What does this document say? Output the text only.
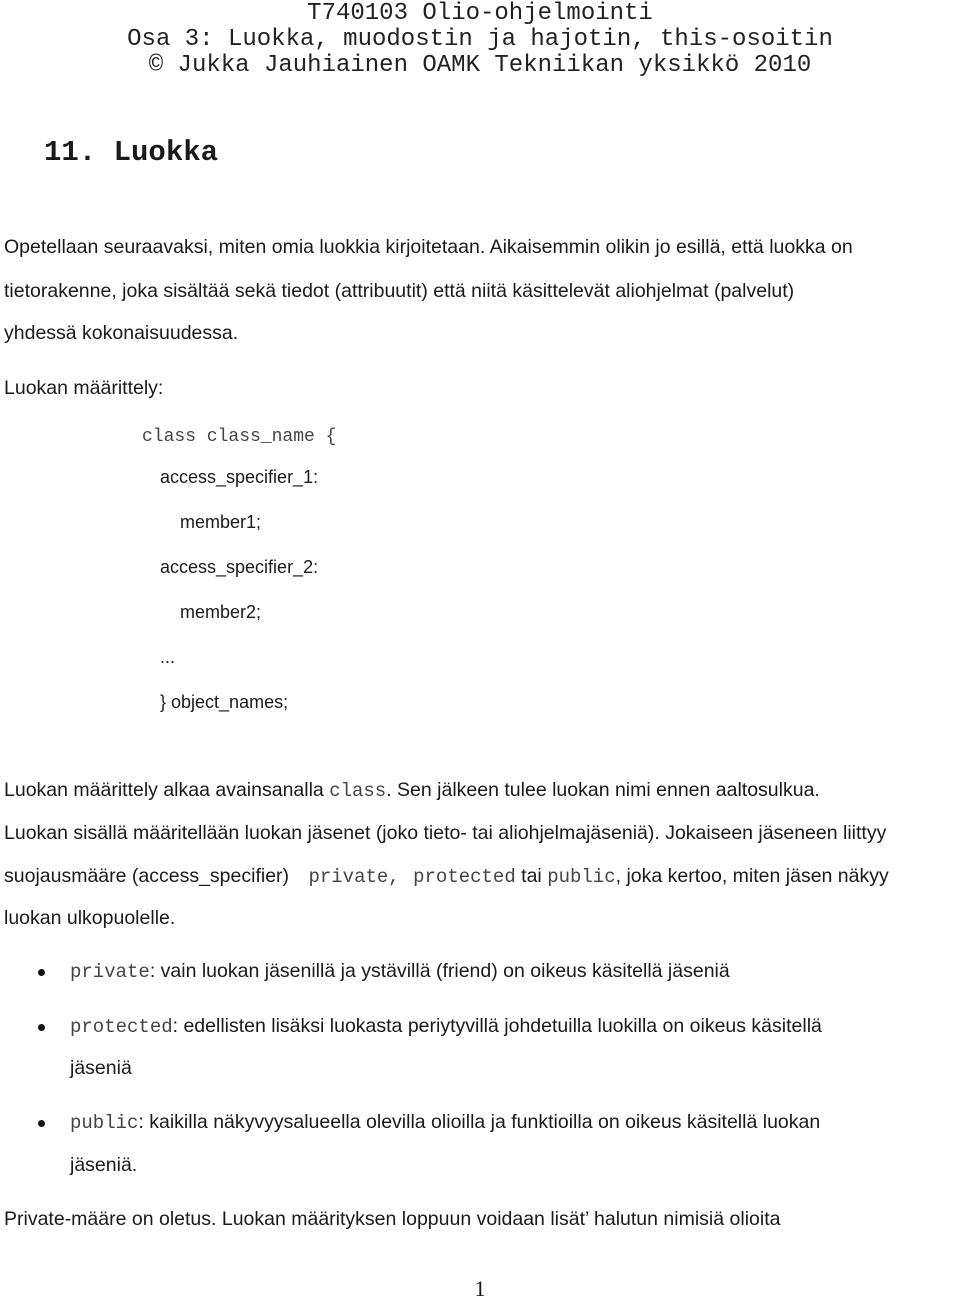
T740103 Olio-ohjelmointi
Osa 3: Luokka, muodostin ja hajotin, this-osoitin
© Jukka Jauhiainen OAMK Tekniikan yksikkö 2010
11. Luokka
Opetellaan seuraavaksi, miten omia luokkia kirjoitetaan. Aikaisemmin olikin jo esillä, että luokka on
tietorakenne, joka sisältää sekä tiedot (attribuutit) että niitä käsittelevät aliohjelmat (palvelut)
yhdessä kokonaisuudessa.
Luokan määrittely:
class class_name {
access_specifier_1:
member1;
access_specifier_2:
member2;
...
} object_names;
Luokan määrittely alkaa avainsanalla class. Sen jälkeen tulee luokan nimi ennen aaltosulkua.
Luokan sisällä määritellään luokan jäsenet (joko tieto- tai aliohjelmajäseniä). Jokaiseen jäseneen liittyy
suojausmääre (access_specifier) private, protected tai public, joka kertoo, miten jäsen näkyy
luokan ulkopuolelle.
private: vain luokan jäsenillä ja ystävillä (friend) on oikeus käsitellä jäseniä
protected: edellisten lisäksi luokasta periytyvillä johdetuilla luokilla on oikeus käsitellä
jäseniä
public: kaikilla näkyvyysalueella olevilla olioilla ja funktioilla on oikeus käsitellä luokan
jäseniä.
Private-määre on oletus. Luokan määrityksen loppuun voidaan lisät’ halutun nimisiä olioita
1
